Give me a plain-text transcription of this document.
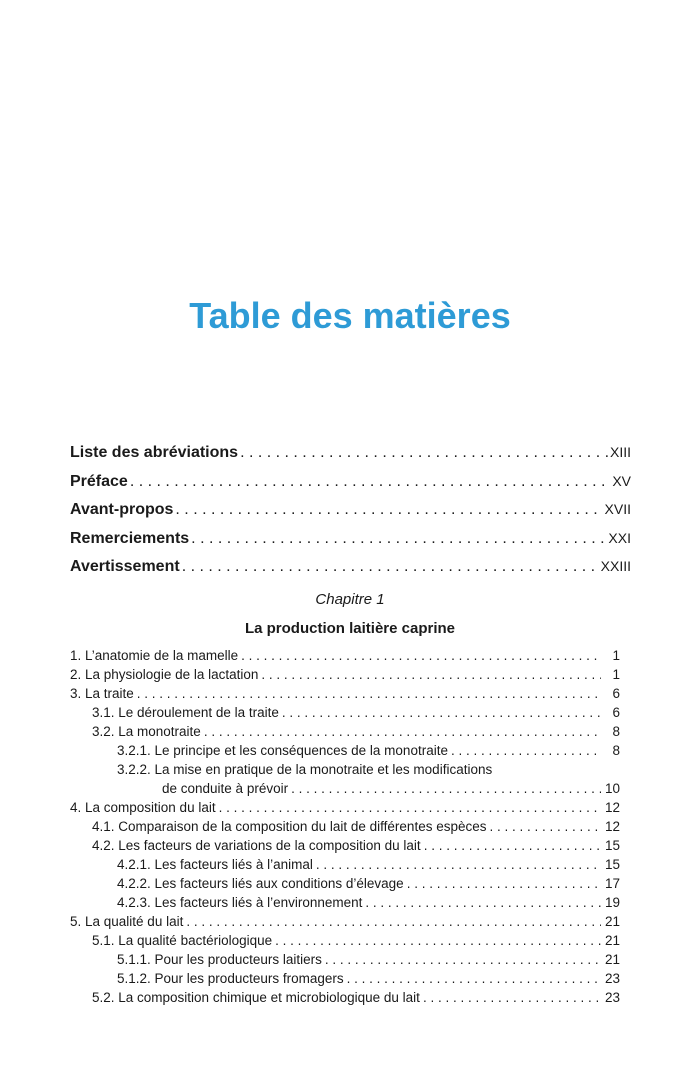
Table des matières
Liste des abréviations . . .	XIII
Préface . . .	XV
Avant-propos . . .	XVII
Remerciements . . .	XXI
Avertissement . . .	XXIII
Chapitre 1
La production laitière caprine
1. L’anatomie de la mamelle . . .	1
2. La physiologie de la lactation . . .	1
3. La traite . . .	6
3.1. Le déroulement de la traite . . .	6
3.2. La monotraite . . .	8
3.2.1. Le principe et les conséquences de la monotraite . . .	8
3.2.2. La mise en pratique de la monotraite et les modifications
de conduite à prévoir . . .	10
4. La composition du lait . . .	12
4.1. Comparaison de la composition du lait de différentes espèces . . .	12
4.2. Les facteurs de variations de la composition du lait . . .	15
4.2.1. Les facteurs liés à l’animal . . .	15
4.2.2. Les facteurs liés aux conditions d’élevage . . .	17
4.2.3. Les facteurs liés à l’environnement . . .	19
5. La qualité du lait . . .	21
5.1. La qualité bactériologique . . .	21
5.1.1. Pour les producteurs laitiers . . .	21
5.1.2. Pour les producteurs fromagers . . .	23
5.2. La composition chimique et microbiologique du lait . . .	23
